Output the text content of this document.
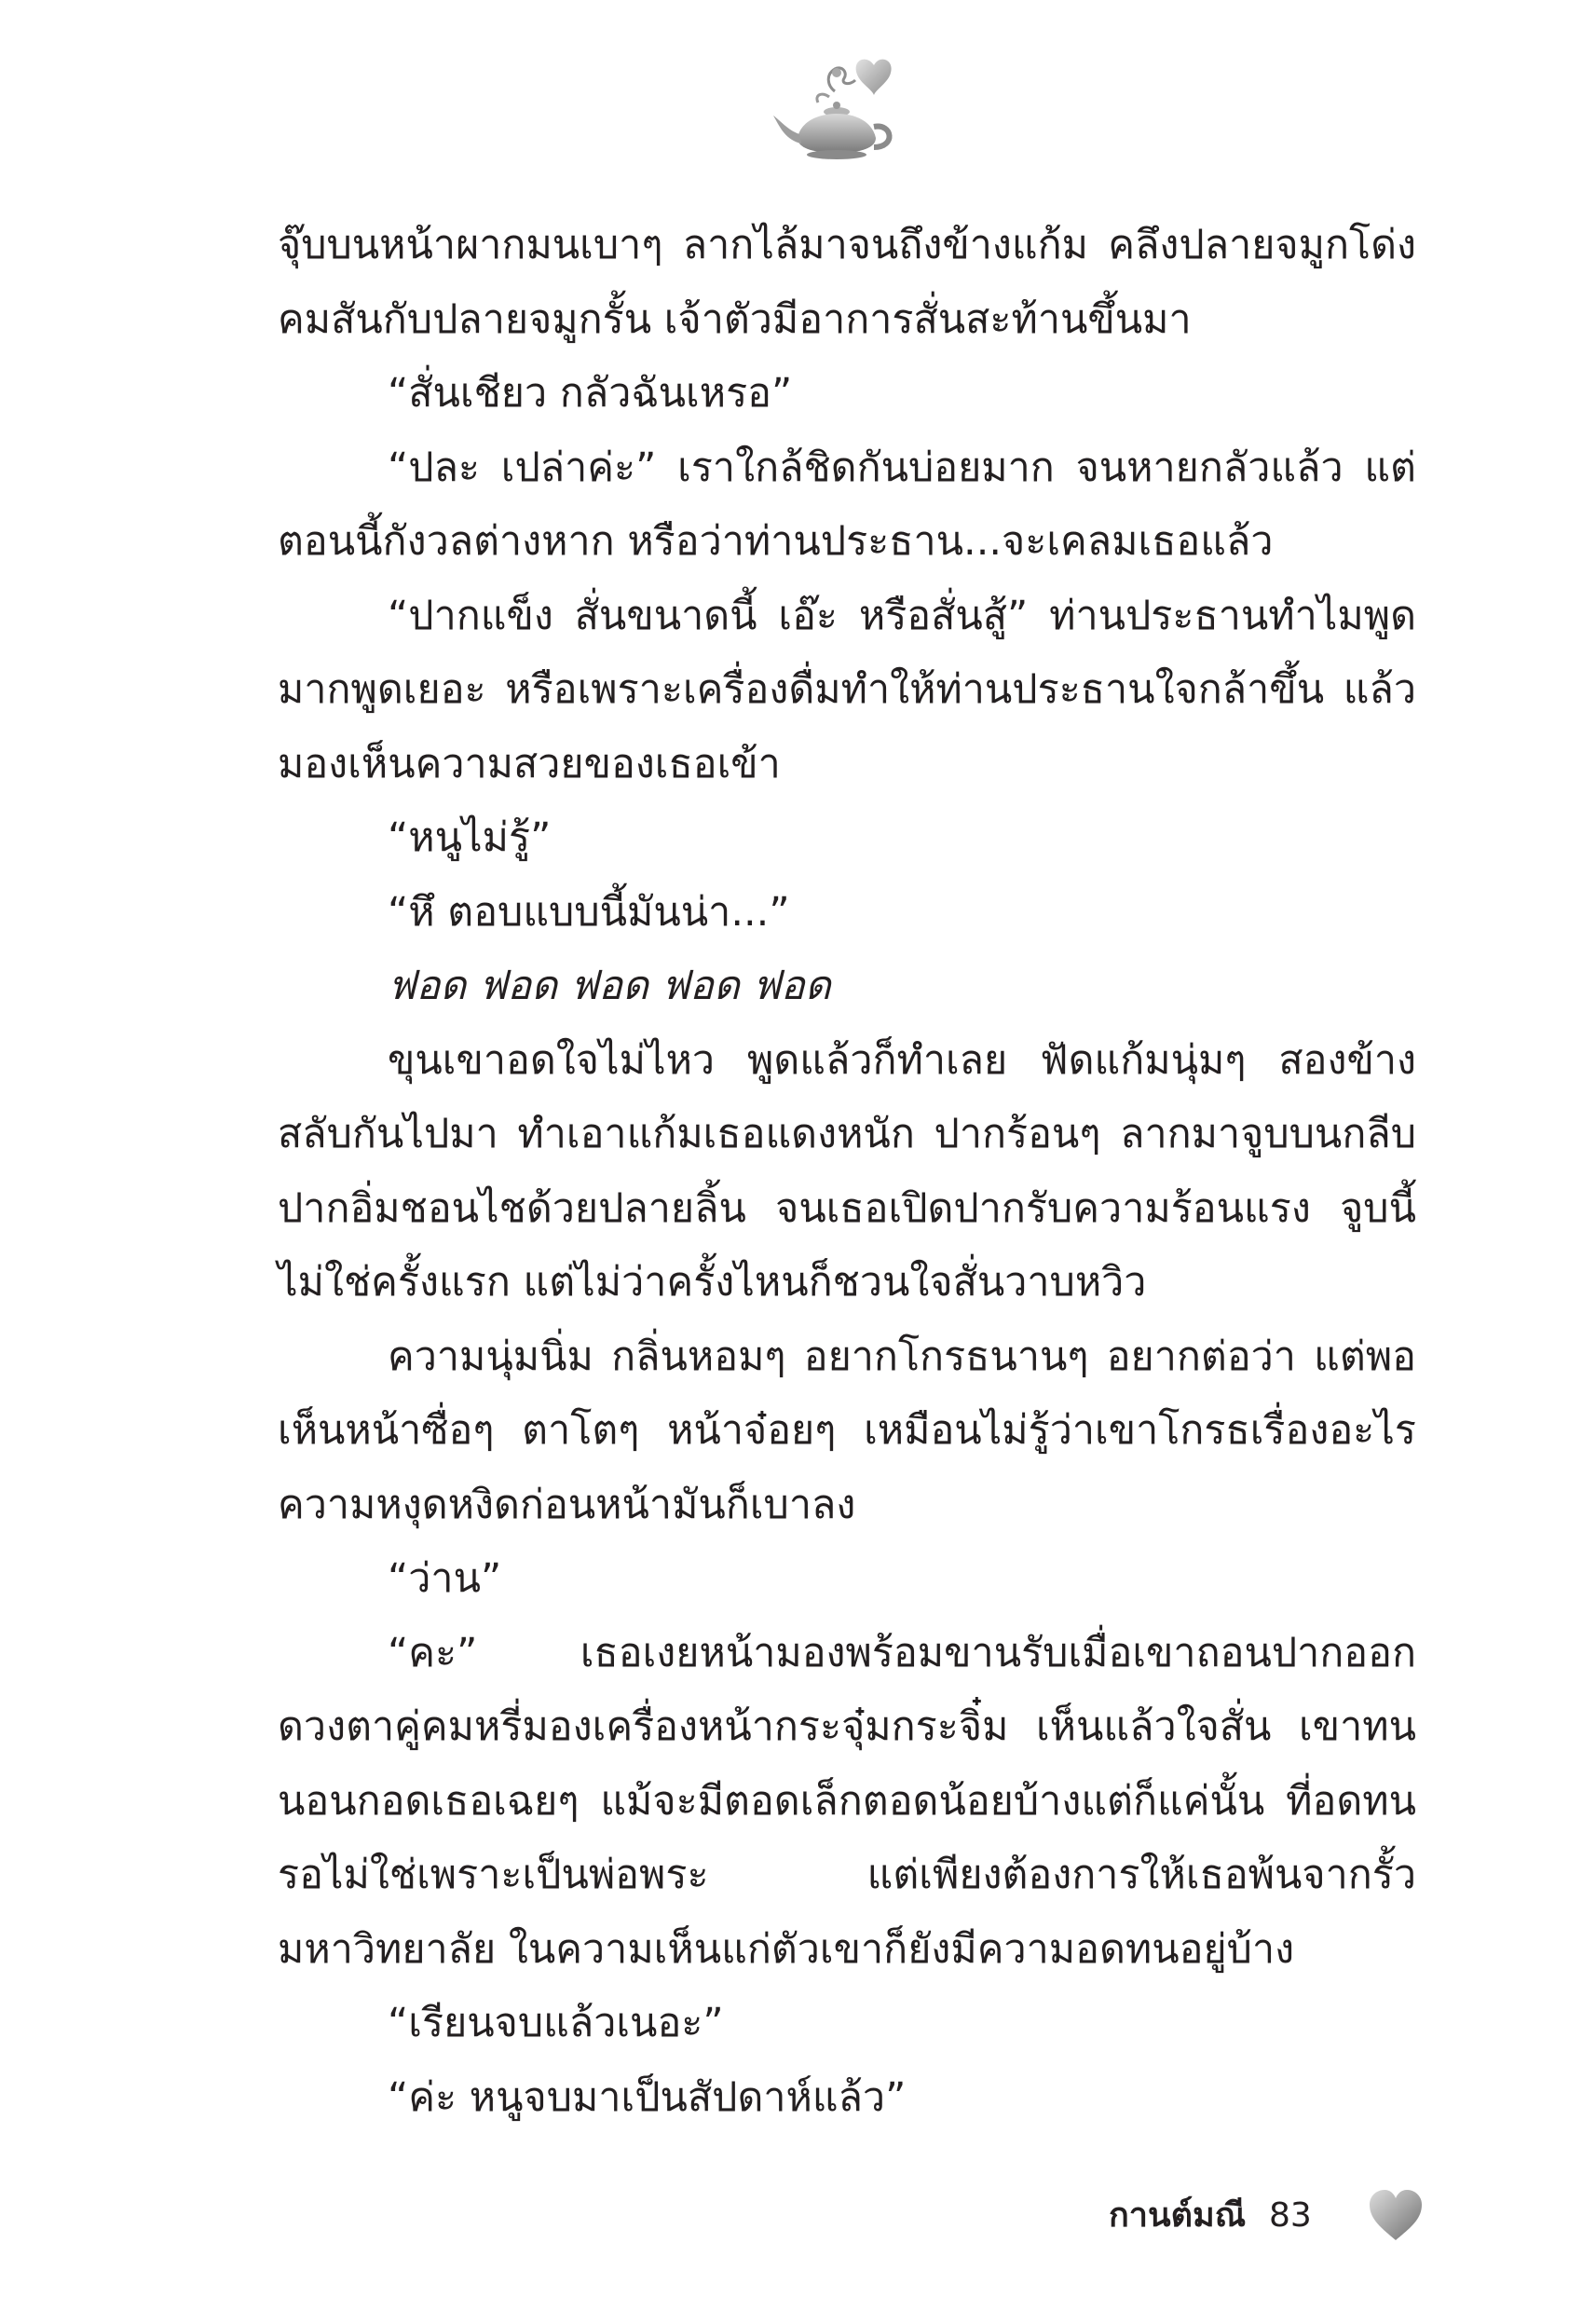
จุ๊บบนหน้าผากมนเบาๆ ลากไล้มาจนถึงข้างแก้ม คลึงปลายจมูกโด่งคมสันกับปลายจมูกรั้น เจ้าตัวมีอาการสั่นสะท้านขึ้นมา

“สั่นเชียว กลัวฉันเหรอ”

“ปละ เปล่าค่ะ” เราใกล้ชิดกันบ่อยมาก จนหายกลัวแล้ว แต่ตอนนี้กังวลต่างหาก หรือว่าท่านประธาน...จะเคลมเธอแล้ว

“ปากแข็ง สั่นขนาดนี้ เอ๊ะ หรือสั่นสู้” ท่านประธานทำไมพูดมากพูดเยอะ หรือเพราะเครื่องดื่มทำให้ท่านประธานใจกล้าขึ้น แล้วมองเห็นความสวยของเธอเข้า

“หนูไม่รู้”

“หึ ตอบแบบนี้มันน่า...”

ฟอด ฟอด ฟอด ฟอด ฟอด

ขุนเขาอดใจไม่ไหว พูดแล้วก็ทำเลย ฟัดแก้มนุ่มๆ สองข้างสลับกันไปมา ทำเอาแก้มเธอแดงหนัก ปากร้อนๆ ลากมาจูบบนกลีบปากอิ่มชอนไชด้วยปลายลิ้น จนเธอเปิดปากรับความร้อนแรง จูบนี้ไม่ใช่ครั้งแรก แต่ไม่ว่าครั้งไหนก็ชวนใจสั่นวาบหวิว

ความนุ่มนิ่ม กลิ่นหอมๆ อยากโกรธนานๆ อยากต่อว่า แต่พอเห็นหน้าซื่อๆ ตาโตๆ หน้าจ๋อยๆ เหมือนไม่รู้ว่าเขาโกรธเรื่องอะไร ความหงุดหงิดก่อนหน้ามันก็เบาลง

“ว่าน”

“คะ” เธอเงยหน้ามองพร้อมขานรับเมื่อเขาถอนปากออก ดวงตาคู่คมหรี่มองเครื่องหน้ากระจุ๋มกระจิ๋ม เห็นแล้วใจสั่น เขาทนนอนกอดเธอเฉยๆ แม้จะมีตอดเล็กตอดน้อยบ้างแต่ก็แค่นั้น ที่อดทนรอไม่ใช่เพราะเป็นพ่อพระ แต่เพียงต้องการให้เธอพ้นจากรั้วมหาวิทยาลัย ในความเห็นแก่ตัวเขาก็ยังมีความอดทนอยู่บ้าง

“เรียนจบแล้วเนอะ”

“ค่ะ หนูจบมาเป็นสัปดาห์แล้ว”

กานต์มณี 83
